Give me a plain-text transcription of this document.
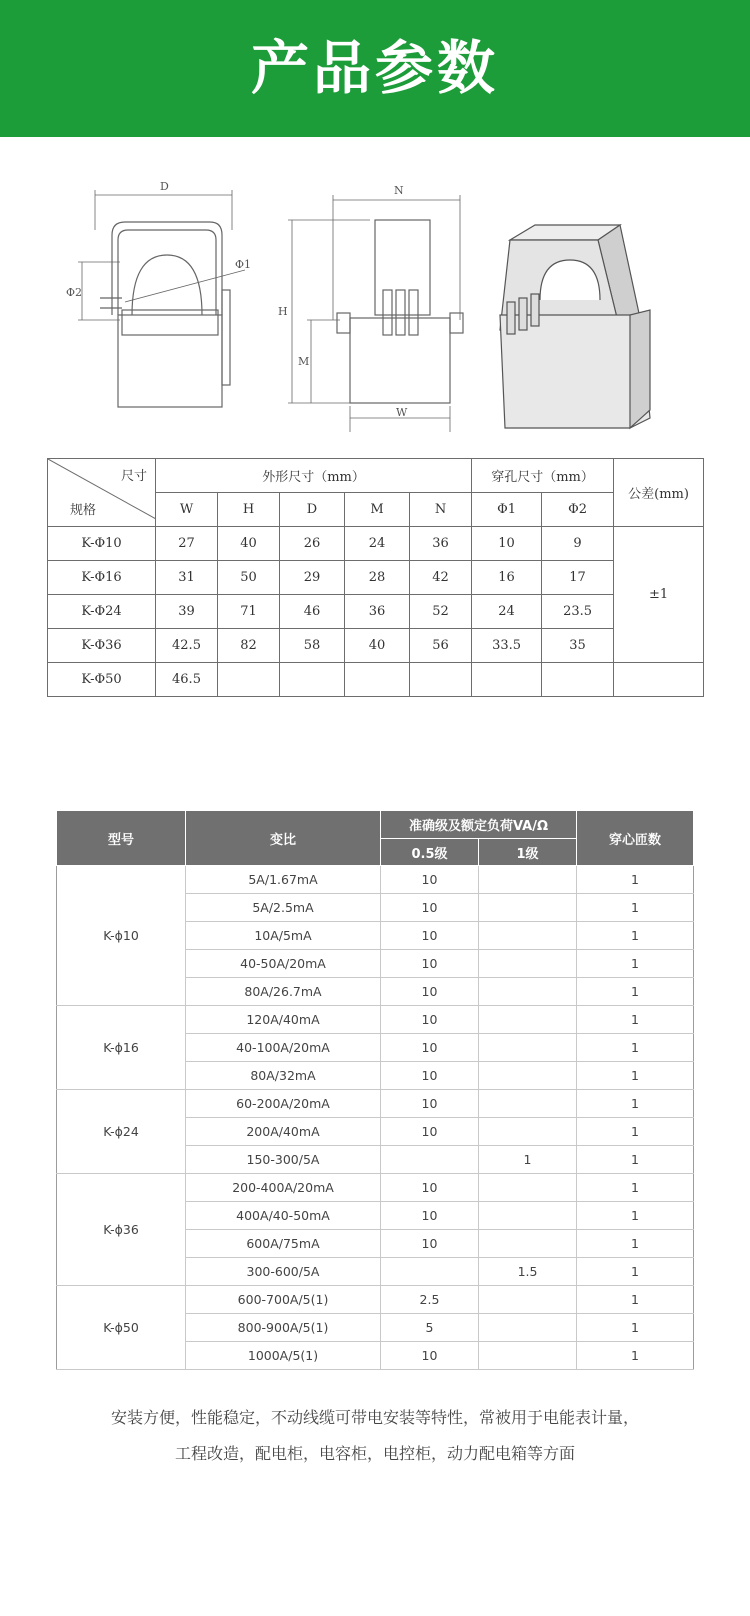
产品参数
D
Φ2
Φ1
N
H
M
W
尺寸
规格	外形尺寸（mm）					穿孔尺寸（mm）		公差(mm)
	W	H	D	M	N	Φ1	Φ2	
K-Φ10	27	40	26	24	36	10	9	±1
K-Φ16	31	50	29	28	42	16	17	
K-Φ24	39	71	46	36	52	24	23.5	
K-Φ36	42.5	82	58	40	56	33.5	35	
K-Φ50	46.5							
型号	变比	准确级及额定负荷VA/Ω		穿心匝数
		0.5级	1级	
K-ϕ10	5A/1.67mA	10		1
	5A/2.5mA	10		1
	10A/5mA	10		1
	40-50A/20mA	10		1
	80A/26.7mA	10		1
K-ϕ16	120A/40mA	10		1
	40-100A/20mA	10		1
	80A/32mA	10		1
K-ϕ24	60-200A/20mA	10		1
	200A/40mA	10		1
	150-300/5A		1	1
K-ϕ36	200-400A/20mA	10		1
	400A/40-50mA	10		1
	600A/75mA	10		1
	300-600/5A		1.5	1
K-ϕ50	600-700A/5(1)	2.5		1
	800-900A/5(1)	5		1
	1000A/5(1)	10		1
安装方便，性能稳定，不动线缆可带电安装等特性，常被用于电能表计量，
工程改造，配电柜，电容柜，电控柜，动力配电箱等方面
